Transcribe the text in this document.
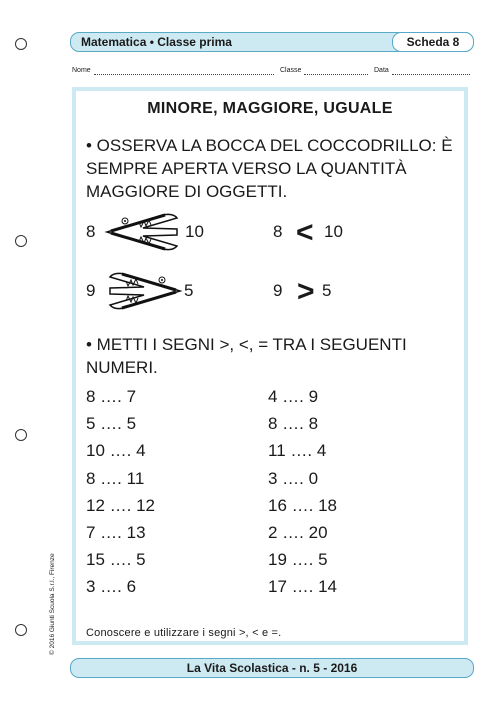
Matematica • Classe prima	Scheda 8
Nome	Classe	Data
MINORE, MAGGIORE, UGUALE
• OSSERVA LA BOCCA DEL COCCODRILLO: È SEMPRE APERTA VERSO LA QUANTITÀ MAGGIORE DI OGGETTI.
8	10	8 < 10
9	5	9 > 5
• METTI I SEGNI >, <, = TRA I SEGUENTI NUMERI.
8 …. 7
5 …. 5
10 …. 4
8 …. 11
12 …. 12
7 …. 13
15 …. 5
3 …. 6
4 …. 9
8 …. 8
11 …. 4
3 …. 0
16 …. 18
2 …. 20
19 …. 5
17 …. 14
Conoscere e utilizzare i segni >, < e =.
© 2016 Giunti Scuola S.r.l., Firenze
La Vita Scolastica - n. 5 - 2016
